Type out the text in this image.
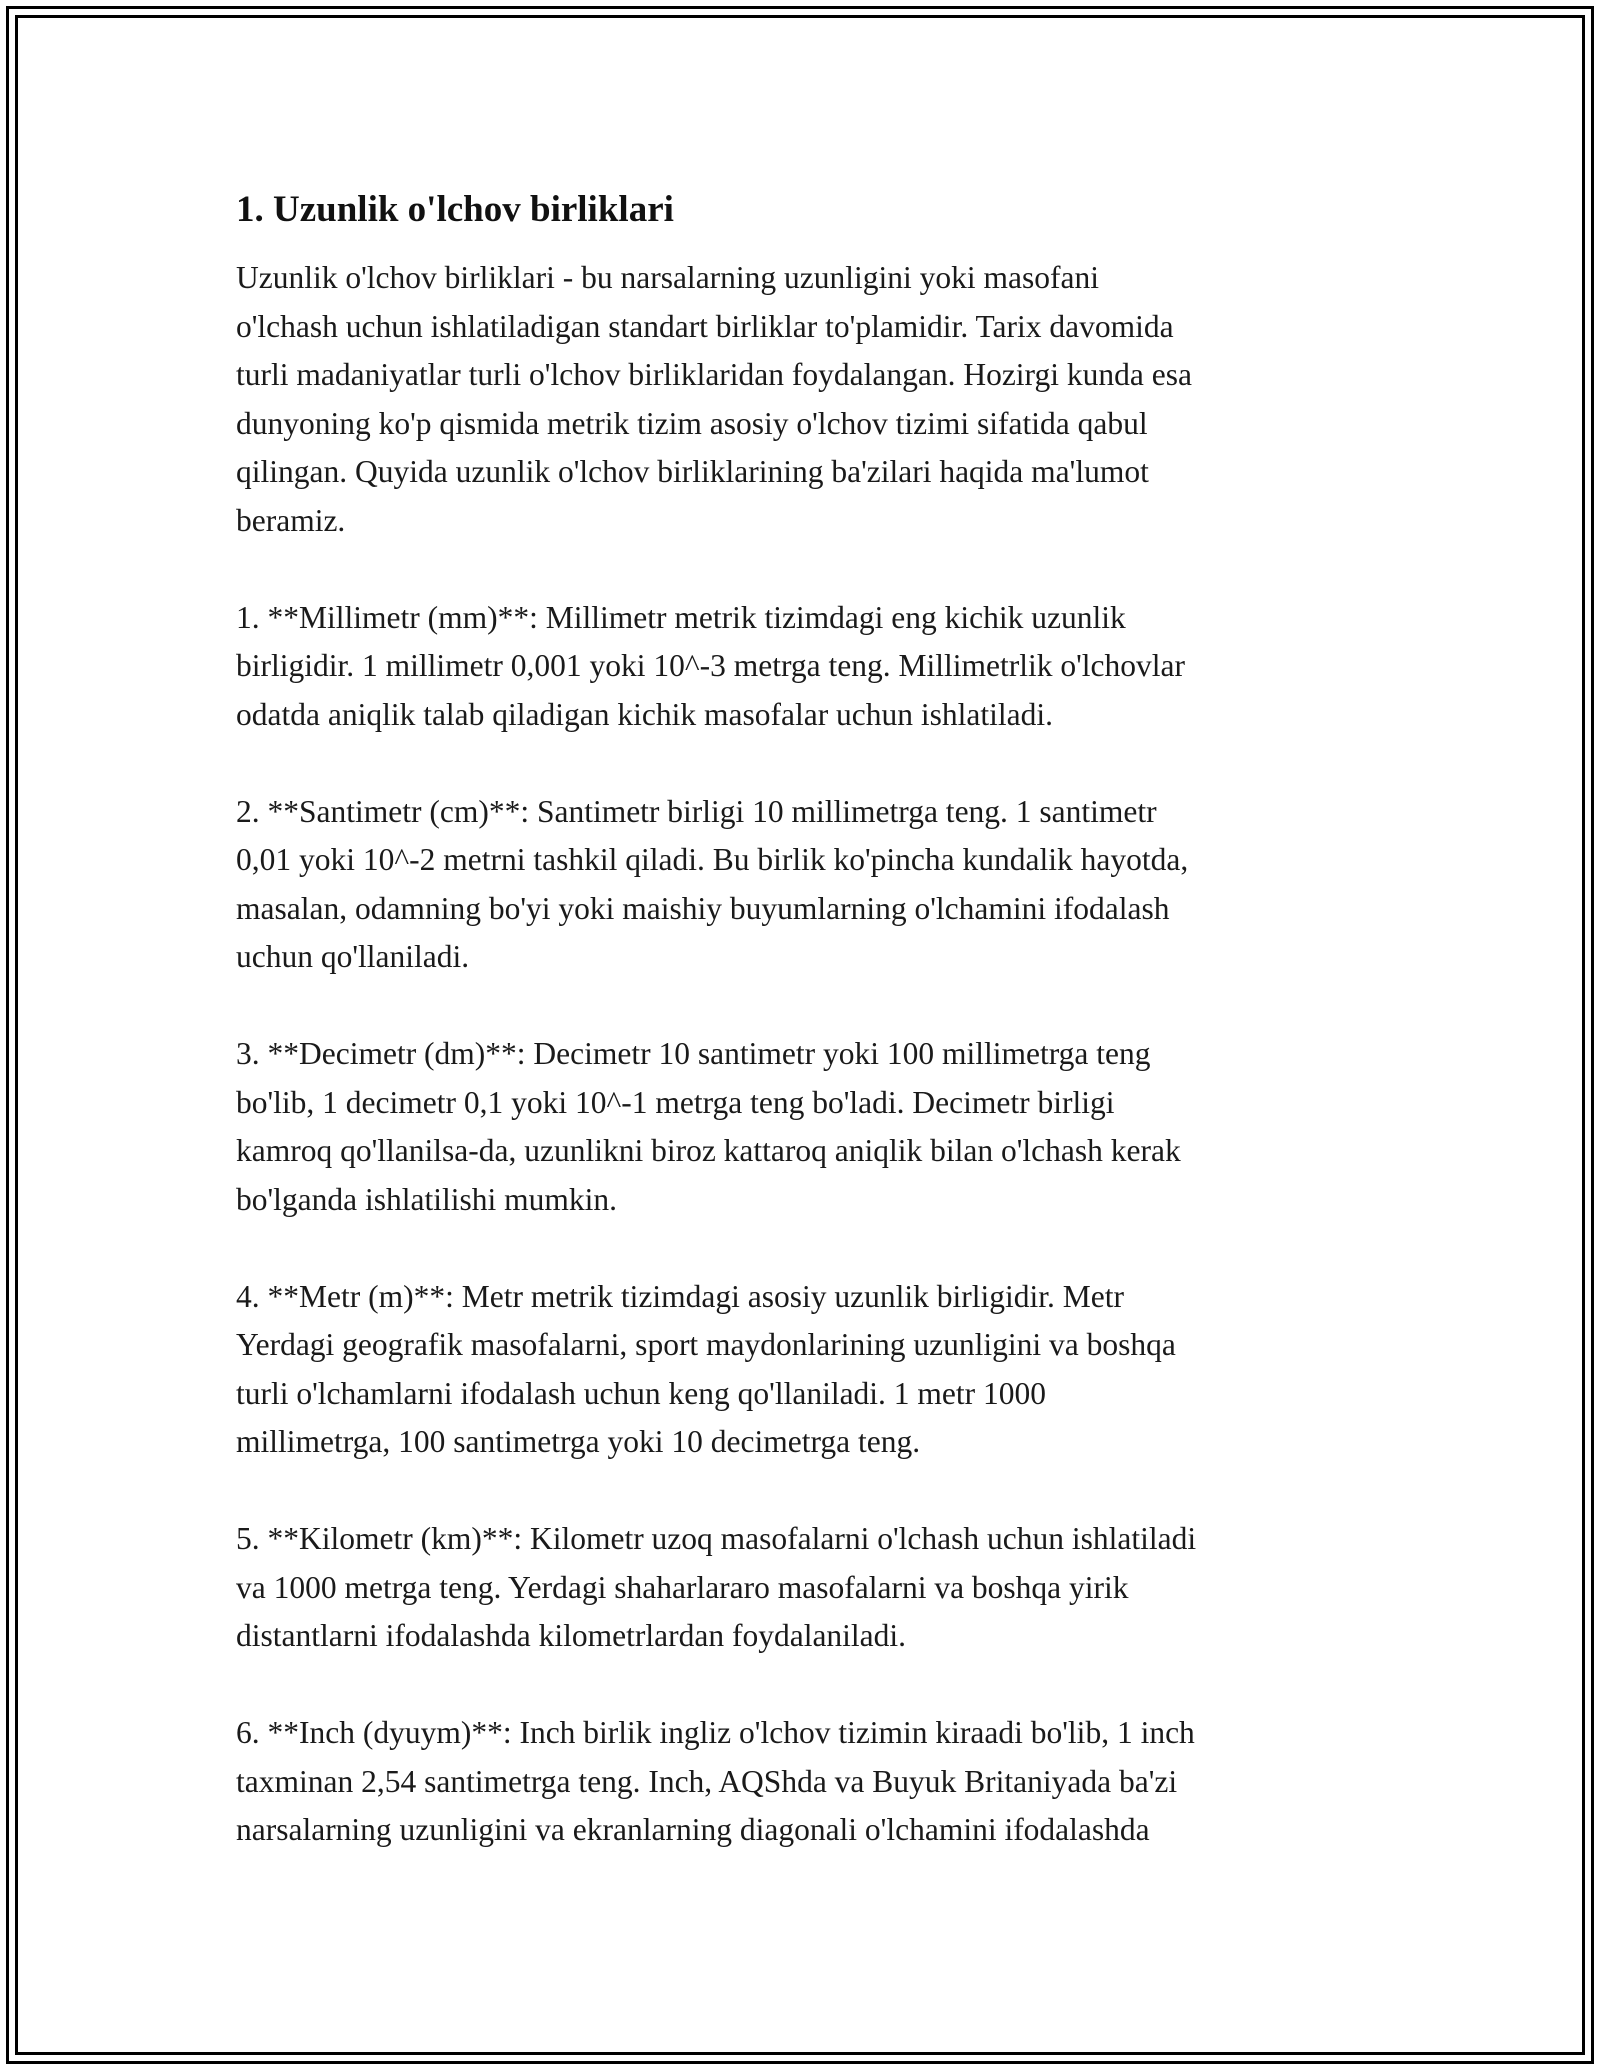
1. Uzunlik o'lchov birliklari

Uzunlik o'lchov birliklari - bu narsalarning uzunligini yoki masofani
o'lchash uchun ishlatiladigan standart birliklar to'plamidir. Tarix davomida
turli madaniyatlar turli o'lchov birliklaridan foydalangan. Hozirgi kunda esa
dunyoning ko'p qismida metrik tizim asosiy o'lchov tizimi sifatida qabul
qilingan. Quyida uzunlik o'lchov birliklarining ba'zilari haqida ma'lumot
beramiz.

1. **Millimetr (mm)**: Millimetr metrik tizimdagi eng kichik uzunlik
birligidir. 1 millimetr 0,001 yoki 10^-3 metrga teng. Millimetrlik o'lchovlar
odatda aniqlik talab qiladigan kichik masofalar uchun ishlatiladi.

2. **Santimetr (cm)**: Santimetr birligi 10 millimetrga teng. 1 santimetr
0,01 yoki 10^-2 metrni tashkil qiladi. Bu birlik ko'pincha kundalik hayotda,
masalan, odamning bo'yi yoki maishiy buyumlarning o'lchamini ifodalash
uchun qo'llaniladi.

3. **Decimetr (dm)**: Decimetr 10 santimetr yoki 100 millimetrga teng
bo'lib, 1 decimetr 0,1 yoki 10^-1 metrga teng bo'ladi. Decimetr birligi
kamroq qo'llanilsa-da, uzunlikni biroz kattaroq aniqlik bilan o'lchash kerak
bo'lganda ishlatilishi mumkin.

4. **Metr (m)**: Metr metrik tizimdagi asosiy uzunlik birligidir. Metr
Yerdagi geografik masofalarni, sport maydonlarining uzunligini va boshqa
turli o'lchamlarni ifodalash uchun keng qo'llaniladi. 1 metr 1000
millimetrga, 100 santimetrga yoki 10 decimetrga teng.

5. **Kilometr (km)**: Kilometr uzoq masofalarni o'lchash uchun ishlatiladi
va 1000 metrga teng. Yerdagi shaharlararo masofalarni va boshqa yirik
distantlarni ifodalashda kilometrlardan foydalaniladi.

6. **Inch (dyuym)**: Inch birlik ingliz o'lchov tizimin kiraadi bo'lib, 1 inch
taxminan 2,54 santimetrga teng. Inch, AQShda va Buyuk Britaniyada ba'zi
narsalarning uzunligini va ekranlarning diagonali o'lchamini ifodalashda
